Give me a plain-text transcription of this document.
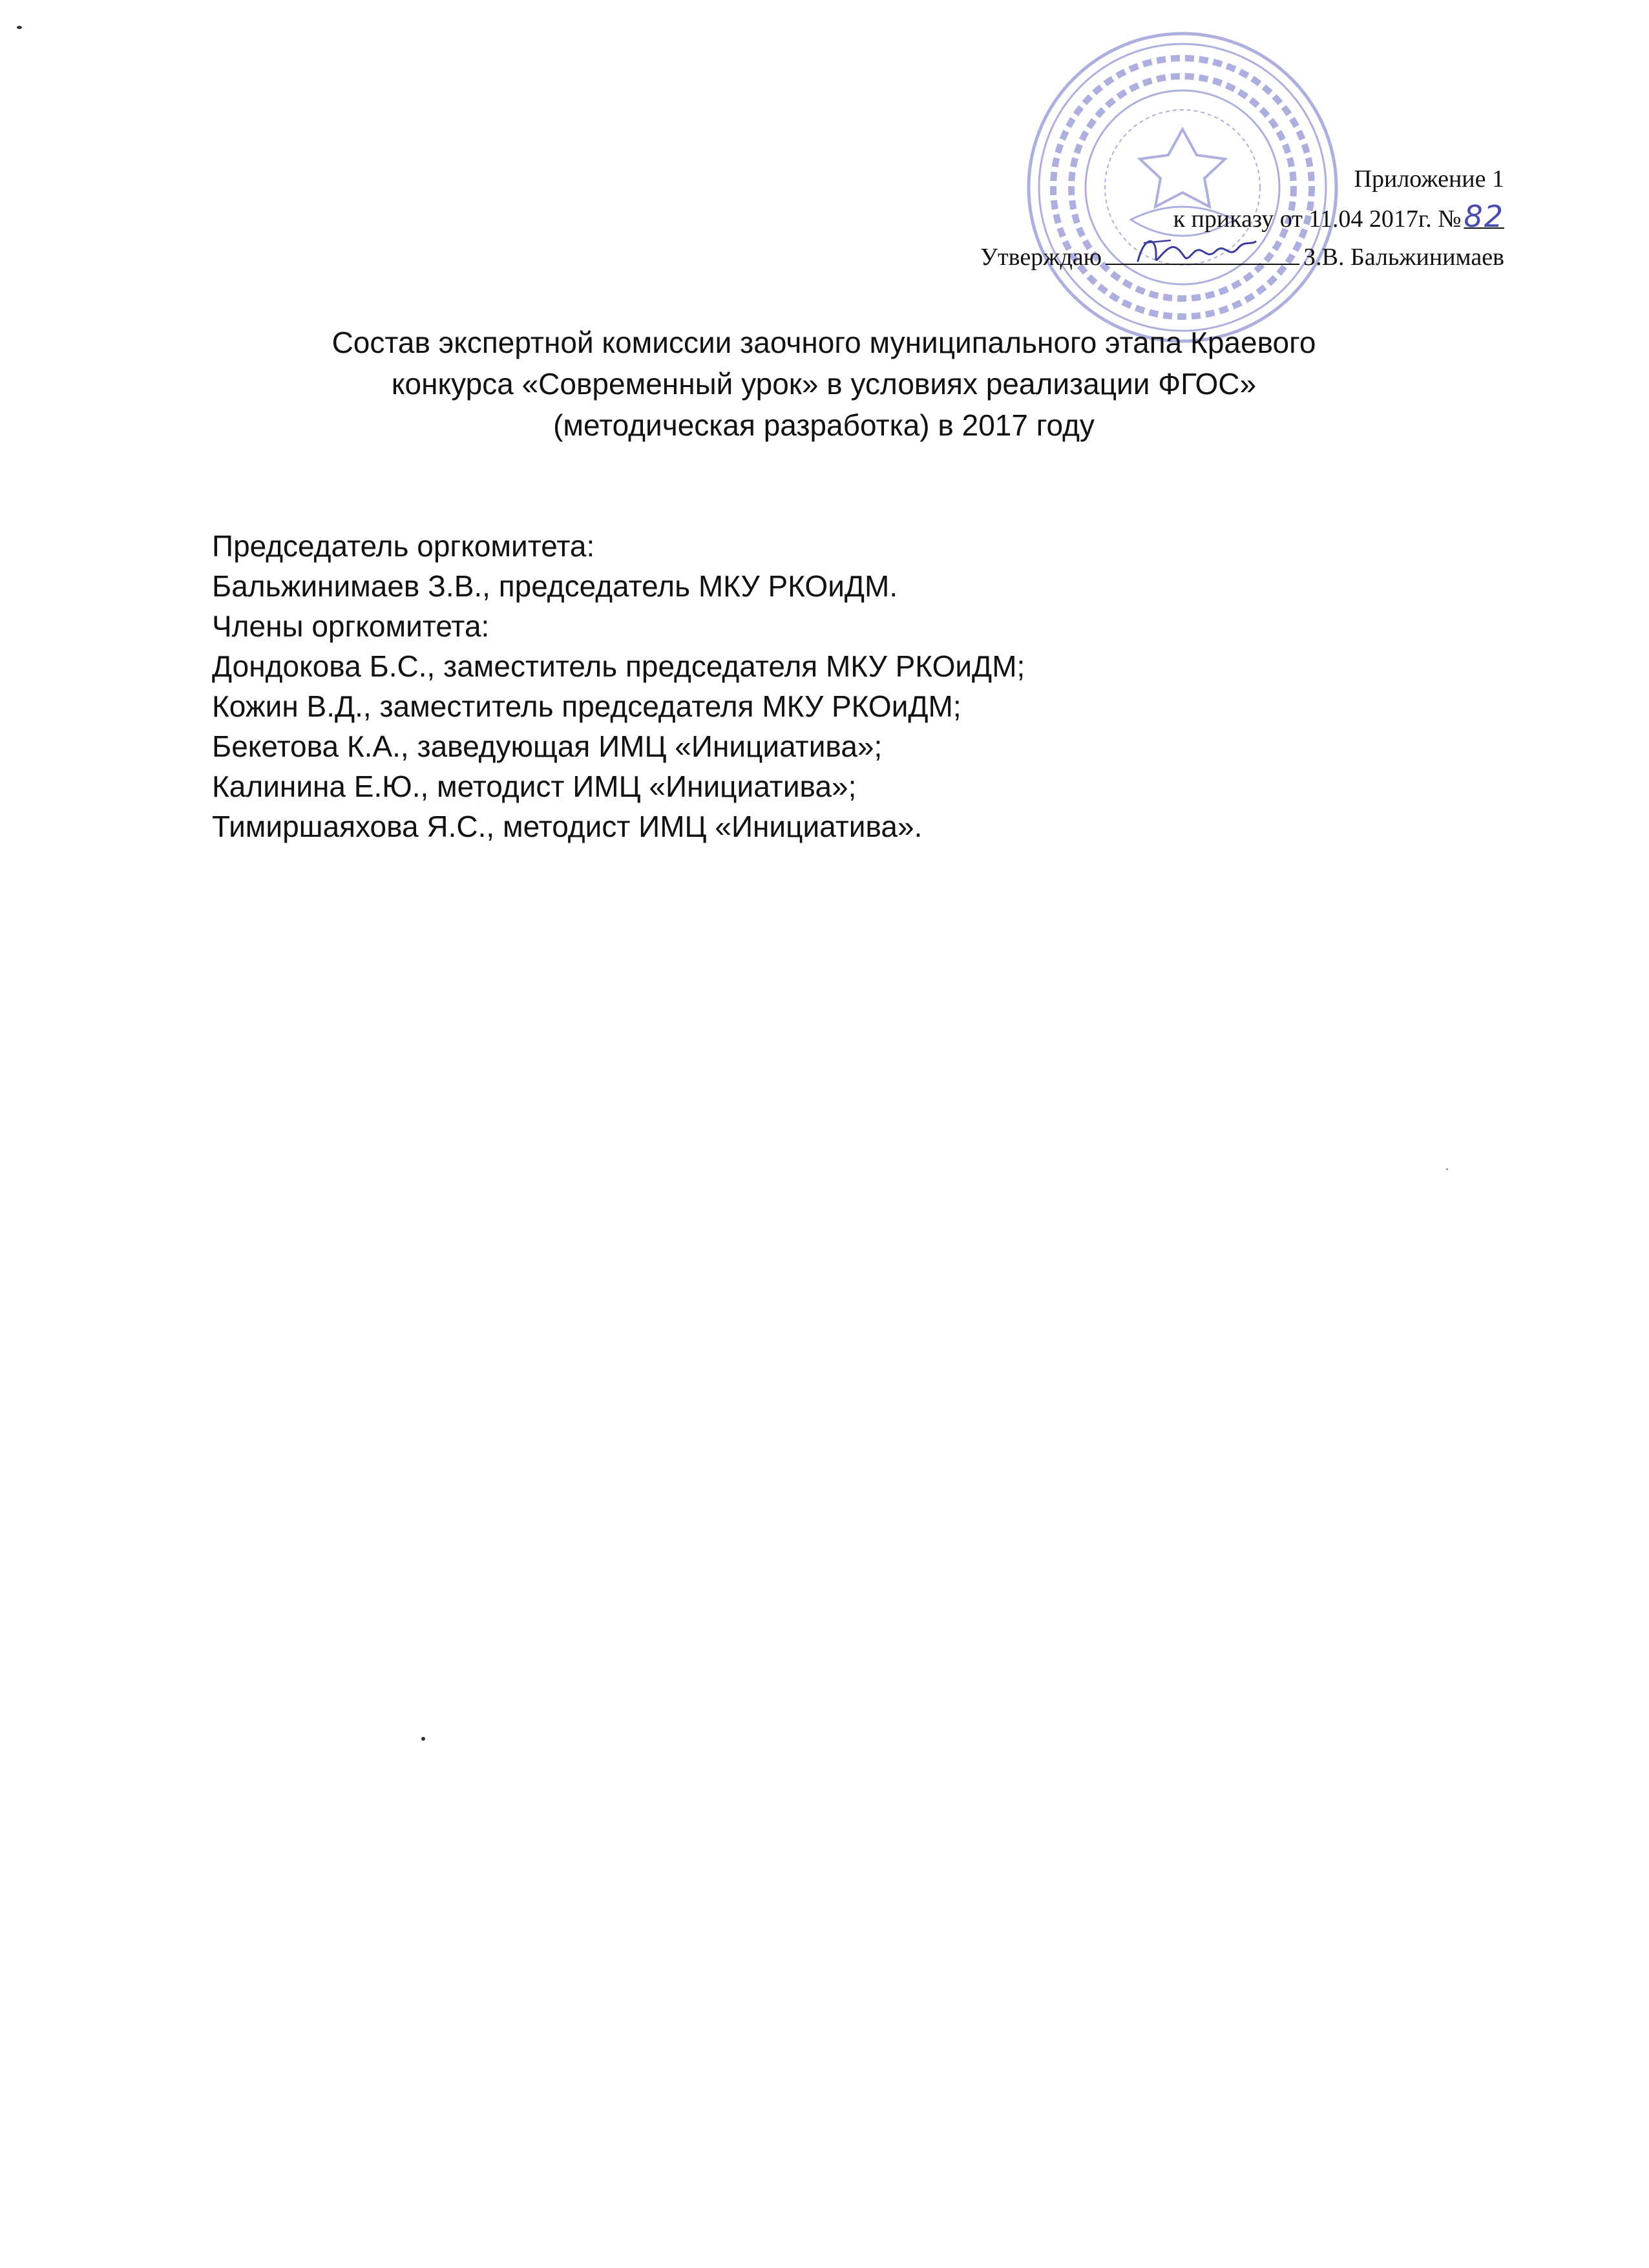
Приложение 1
к приказу от 11.04 2017г. №82
Утверждаю	З.В. Бальжинимаев
Состав экспертной комиссии заочного муниципального этапа Краевого
конкурса «Современный урок» в условиях реализации ФГОС»
(методическая разработка) в 2017 году
Председатель оргкомитета:
Бальжинимаев З.В., председатель МКУ РКОиДМ.
Члены оргкомитета:
Дондокова Б.С., заместитель председателя МКУ РКОиДМ;
Кожин В.Д., заместитель председателя МКУ РКОиДМ;
Бекетова К.А., заведующая ИМЦ «Инициатива»;
Калинина Е.Ю., методист ИМЦ «Инициатива»;
Тимиршаяхова Я.С., методист ИМЦ «Инициатива».
